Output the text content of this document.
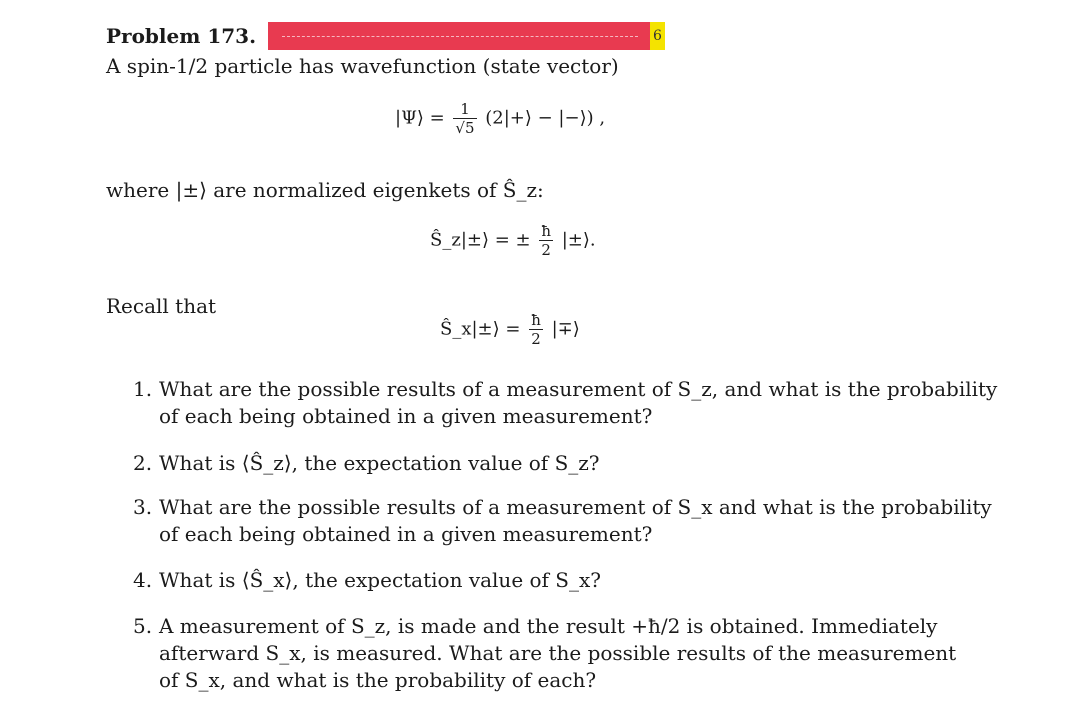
Problem 173.	6
A spin-1/2 particle has wavefunction (state vector)
|Ψ⟩ = $\frac{1}{√5}$ (2|+⟩ − |−⟩) ,
where |±⟩ are normalized eigenkets of Ŝ_z:
Ŝ_z|±⟩ = ± $\frac{ħ}{2}$ |±⟩.
Recall that
Ŝ_x|±⟩ = $\frac{ħ}{2}$ |∓⟩
1. What are the possible results of a measurement of S_z, and what is the probability
of each being obtained in a given measurement?
2. What is ⟨Ŝ_z⟩, the expectation value of S_z?
3. What are the possible results of a measurement of S_x and what is the probability
of each being obtained in a given measurement?
4. What is ⟨Ŝ_x⟩, the expectation value of S_x?
5. A measurement of S_z, is made and the result +ħ/2 is obtained. Immediately
afterward S_x, is measured. What are the possible results of the measurement
of S_x, and what is the probability of each?
